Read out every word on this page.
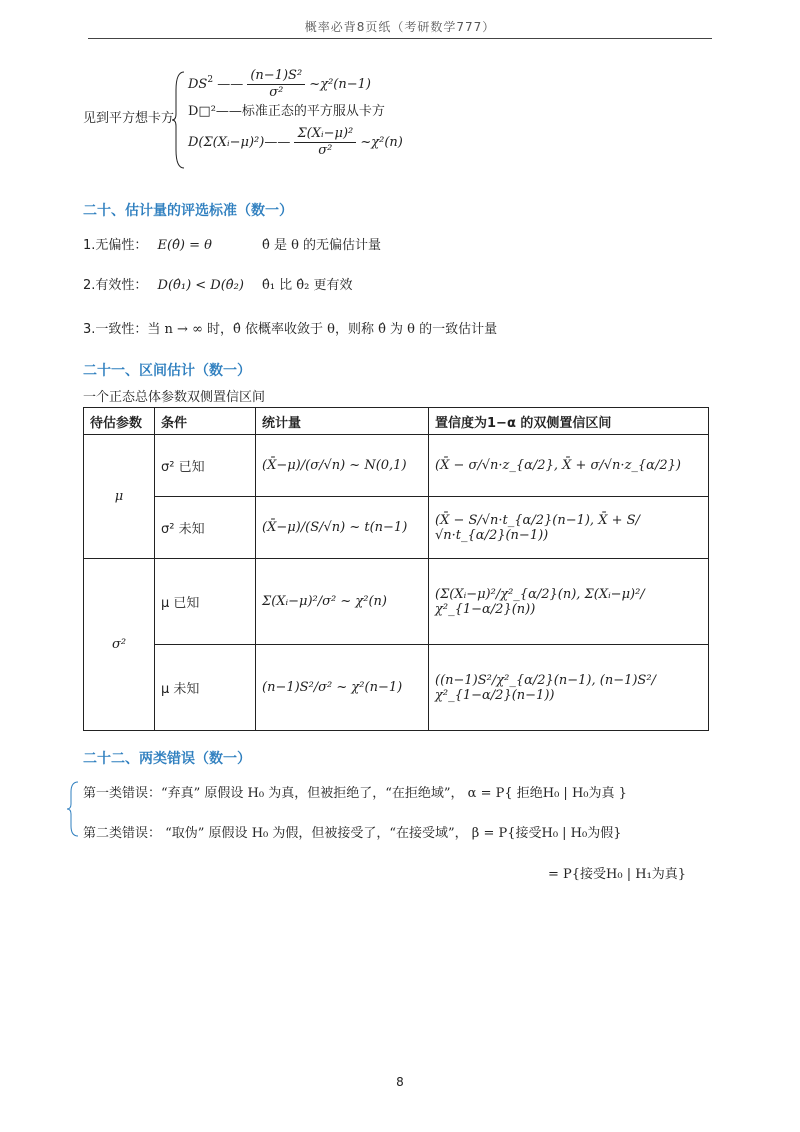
概率必背8页纸（考研数学777）
见到平方想卡方
$DS^2$ —— $\frac{\text{(n−1)S²}}{\text{σ²}}$ ~χ²(n−1)
D□²——标准正态的平方服从卡方
D(Σ(Xᵢ−μ)²)—— $\frac{\text{Σ(Xᵢ−μ)²}}{\text{σ²}}$ ~χ²(n)
二十、估计量的评选标准（数一）
1.无偏性： E(θ̂) = θ	θ̂ 是 θ 的无偏估计量
2.有效性： D(θ̂₁) < D(θ̂₂) θ̂₁ 比 θ̂₂ 更有效
3.一致性：当 n → ∞ 时，θ̂ 依概率收敛于 θ，则称 θ̂ 为 θ 的一致估计量
二十一、区间估计（数一）
一个正态总体参数双侧置信区间
待估参数	条件	统计量	置信度为1−α 的双侧置信区间
μ	σ² 已知	(X̄−μ)/(σ/√n) ~ N(0,1)	(X̄ − σ/√n·z_{α/2}, X̄ + σ/√n·z_{α/2})
	σ² 未知	(X̄−μ)/(S/√n) ~ t(n−1)	(X̄ − S/√n·t_{α/2}(n−1), X̄ + S/√n·t_{α/2}(n−1))
σ²	μ 已知	Σ(Xᵢ−μ)²/σ² ~ χ²(n)	(Σ(Xᵢ−μ)²/χ²_{α/2}(n), Σ(Xᵢ−μ)²/χ²_{1−α/2}(n))
	μ 未知	(n−1)S²/σ² ~ χ²(n−1)	((n−1)S²/χ²_{α/2}(n−1), (n−1)S²/χ²_{1−α/2}(n−1))
二十二、两类错误（数一）
第一类错误：“弃真” 原假设 H₀ 为真，但被拒绝了，“在拒绝域”， α = P{ 拒绝H₀ | H₀为真 }
第二类错误： “取伪” 原假设 H₀ 为假，但被接受了，“在接受域”， β = P{接受H₀ | H₀为假}
= P{接受H₀ | H₁为真}
8
